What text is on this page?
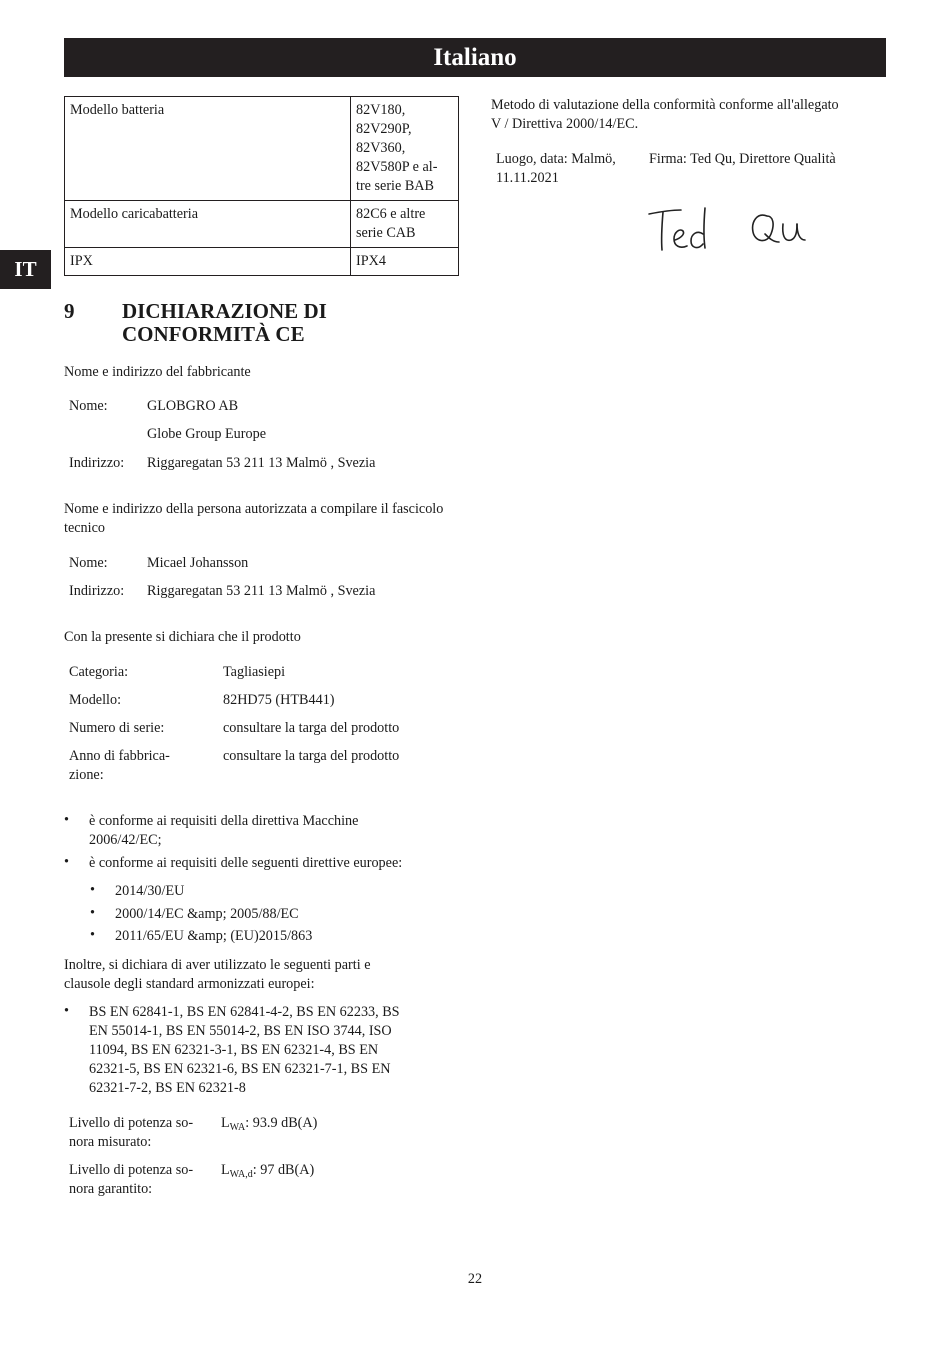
Italiano
IT
Modello batteria	82V180,
82V290P,
82V360,
82V580P e al-
tre serie BAB
Modello caricabatteria	82C6 e altre
serie CAB
IPX	IPX4
9 DICHIARAZIONE DI
CONFORMITÀ CE
Nome e indirizzo del fabbricante
Nome:	GLOBGRO AB
Globe Group Europe
Indirizzo: Riggaregatan 53 211 13 Malmö , Svezia
Nome e indirizzo della persona autorizzata a compilare il fascicolo tecnico
Nome:	Micael Johansson
Indirizzo: Riggaregatan 53 211 13 Malmö , Svezia
Con la presente si dichiara che il prodotto
Categoria:	Tagliasiepi
Modello:	82HD75 (HTB441)
Numero di serie:	consultare la targa del prodotto
Anno di fabbrica-
zione:
consultare la targa del prodotto
• è conforme ai requisiti della direttiva Macchine
2006/42/EC;
• è conforme ai requisiti delle seguenti direttive europee:
• 2014/30/EU
• 2000/14/EC &amp; 2005/88/EC
• 2011/65/EU &amp; (EU)2015/863
Inoltre, si dichiara di aver utilizzato le seguenti parti e
clausole degli standard armonizzati europei:
• BS EN 62841-1, BS EN 62841-4-2, BS EN 62233, BS
EN 55014-1, BS EN 55014-2, BS EN ISO 3744, ISO
11094, BS EN 62321-3-1, BS EN 62321-4, BS EN
62321-5, BS EN 62321-6, BS EN 62321-7-1, BS EN
62321-7-2, BS EN 62321-8
Livello di potenza so-
nora misurato:
$L_{WA}$: 93.9 dB(A)
Livello di potenza so-
nora garantito:
$L_{WA,d}$: 97 dB(A)
Metodo di valutazione della conformità conforme all'allegato
V / Direttiva 2000/14/EC.
Luogo, data: Malmö,
11.11.2021
Firma: Ted Qu, Direttore Qualità
22
